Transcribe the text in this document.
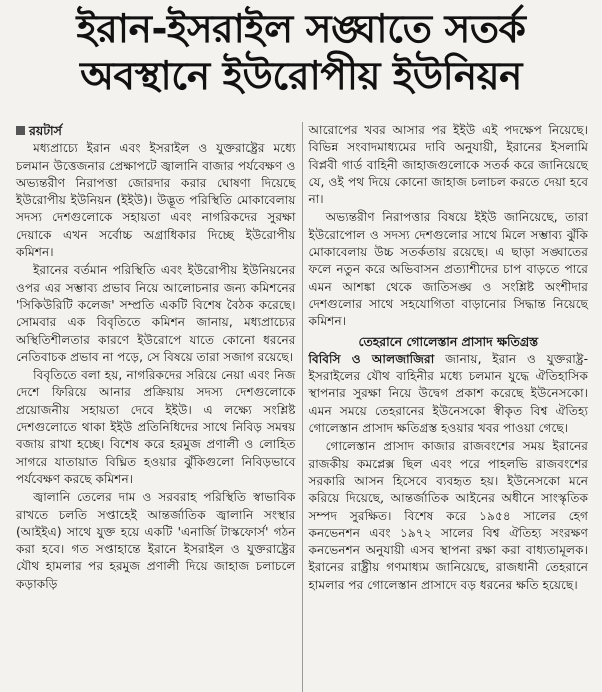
ইরান-ইসরাইল সঙ্ঘাতে সতর্ক
অবস্থানে ইউরোপীয় ইউনিয়ন
রয়টার্স

মধ্যপ্রাচ্যে ইরান এবং ইসরাইল ও যুক্তরাষ্ট্রের মধ্যে চলমান উত্তেজনার প্রেক্ষাপটে জ্বালানি বাজার পর্যবেক্ষণ ও অভ্যন্তরীণ নিরাপত্তা জোরদার করার ঘোষণা দিয়েছে ইউরোপীয় ইউনিয়ন (ইইউ)। উদ্ভূত পরিস্থিতি মোকাবেলায় সদস্য দেশগুলোকে সহায়তা এবং নাগরিকদের সুরক্ষা দেয়াকে এখন সর্বোচ্চ অগ্রাধিকার দিচ্ছে ইউরোপীয় কমিশন।

ইরানের বর্তমান পরিস্থিতি এবং ইউরোপীয় ইউনিয়নের ওপর এর সম্ভাব্য প্রভাব নিয়ে আলোচনার জন্য কমিশনের 'সিকিউরিটি কলেজ' সম্প্রতি একটি বিশেষ বৈঠক করেছে। সোমবার এক বিবৃতিতে কমিশন জানায়, মধ্যপ্রাচ্যের অস্থিতিশীলতার কারণে ইউরোপে যাতে কোনো ধরনের নেতিবাচক প্রভাব না পড়ে, সে বিষয়ে তারা সজাগ রয়েছে।

বিবৃতিতে বলা হয়, নাগরিকদের সরিয়ে নেয়া এবং নিজ দেশে ফিরিয়ে আনার প্রক্রিয়ায় সদস্য দেশগুলোকে প্রয়োজনীয় সহায়তা দেবে ইইউ। এ লক্ষ্যে সংশ্লিষ্ট দেশগুলোতে থাকা ইইউ প্রতিনিধিদের সাথে নিবিড় সমন্বয় বজায় রাখা হচ্ছে। বিশেষ করে হরমুজ প্রণালী ও লোহিত সাগরে যাতায়াত বিঘ্নিত হওয়ার ঝুঁকিগুলো নিবিড়ভাবে পর্যবেক্ষণ করছে কমিশন।

জ্বালানি তেলের দাম ও সরবরাহ পরিস্থিতি স্বাভাবিক রাখতে চলতি সপ্তাহেই আন্তর্জাতিক জ্বালানি সংস্থার (আইইএ) সাথে যুক্ত হয়ে একটি 'এনার্জি টাস্কফোর্স' গঠন করা হবে। গত সপ্তাহান্তে ইরানে ইসরাইল ও যুক্তরাষ্ট্রের যৌথ হামলার পর হরমুজ প্রণালী দিয়ে জাহাজ চলাচলে কড়াকড়ি

আরোপের খবর আসার পর ইইউ এই পদক্ষেপ নিয়েছে। বিভিন্ন সংবাদমাধ্যমের দাবি অনুযায়ী, ইরানের ইসলামি বিপ্লবী গার্ড বাহিনী জাহাজগুলোকে সতর্ক করে জানিয়েছে যে, ওই পথ দিয়ে কোনো জাহাজ চলাচল করতে দেয়া হবে না।

অভ্যন্তরীণ নিরাপত্তার বিষয়ে ইইউ জানিয়েছে, তারা ইউরোপোল ও সদস্য দেশগুলোর সাথে মিলে সম্ভাব্য ঝুঁকি মোকাবেলায় উচ্চ সতর্কতায় রয়েছে। এ ছাড়া সঙ্ঘাতের ফলে নতুন করে অভিবাসন প্রত্যাশীদের চাপ বাড়তে পারে এমন আশঙ্কা থেকে জাতিসঙ্ঘ ও সংশ্লিষ্ট অংশীদার দেশগুলোর সাথে সহযোগিতা বাড়ানোর সিদ্ধান্ত নিয়েছে কমিশন।

তেহরানে গোলেস্তান প্রাসাদ ক্ষতিগ্রস্ত

বিবিসি ও আলজাজিরা জানায়, ইরান ও যুক্তরাষ্ট্র-ইসরাইলের যৌথ বাহিনীর মধ্যে চলমান যুদ্ধে ঐতিহাসিক স্থাপনার সুরক্ষা নিয়ে উদ্বেগ প্রকাশ করেছে ইউনেসকো। এমন সময়ে তেহরানের ইউনেসকো স্বীকৃত বিশ্ব ঐতিহ্য গোলেস্তান প্রাসাদ ক্ষতিগ্রস্ত হওয়ার খবর পাওয়া গেছে।

গোলেস্তান প্রাসাদ কাজার রাজবংশের সময় ইরানের রাজকীয় কমপ্লেক্স ছিল এবং পরে পাহলভি রাজবংশের সরকারি আসন হিসেবে ব্যবহৃত হয়। ইউনেসকো মনে করিয়ে দিয়েছে, আন্তর্জাতিক আইনের অধীনে সাংস্কৃতিক সম্পদ সুরক্ষিত। বিশেষ করে ১৯৫৪ সালের হেগ কনভেনশন এবং ১৯৭২ সালের বিশ্ব ঐতিহ্য সংরক্ষণ কনভেনশন অনুযায়ী এসব স্থাপনা রক্ষা করা বাধ্যতামূলক। ইরানের রাষ্ট্রীয় গণমাধ্যম জানিয়েছে, রাজধানী তেহরানে হামলার পর গোলেস্তান প্রাসাদে বড় ধরনের ক্ষতি হয়েছে।
